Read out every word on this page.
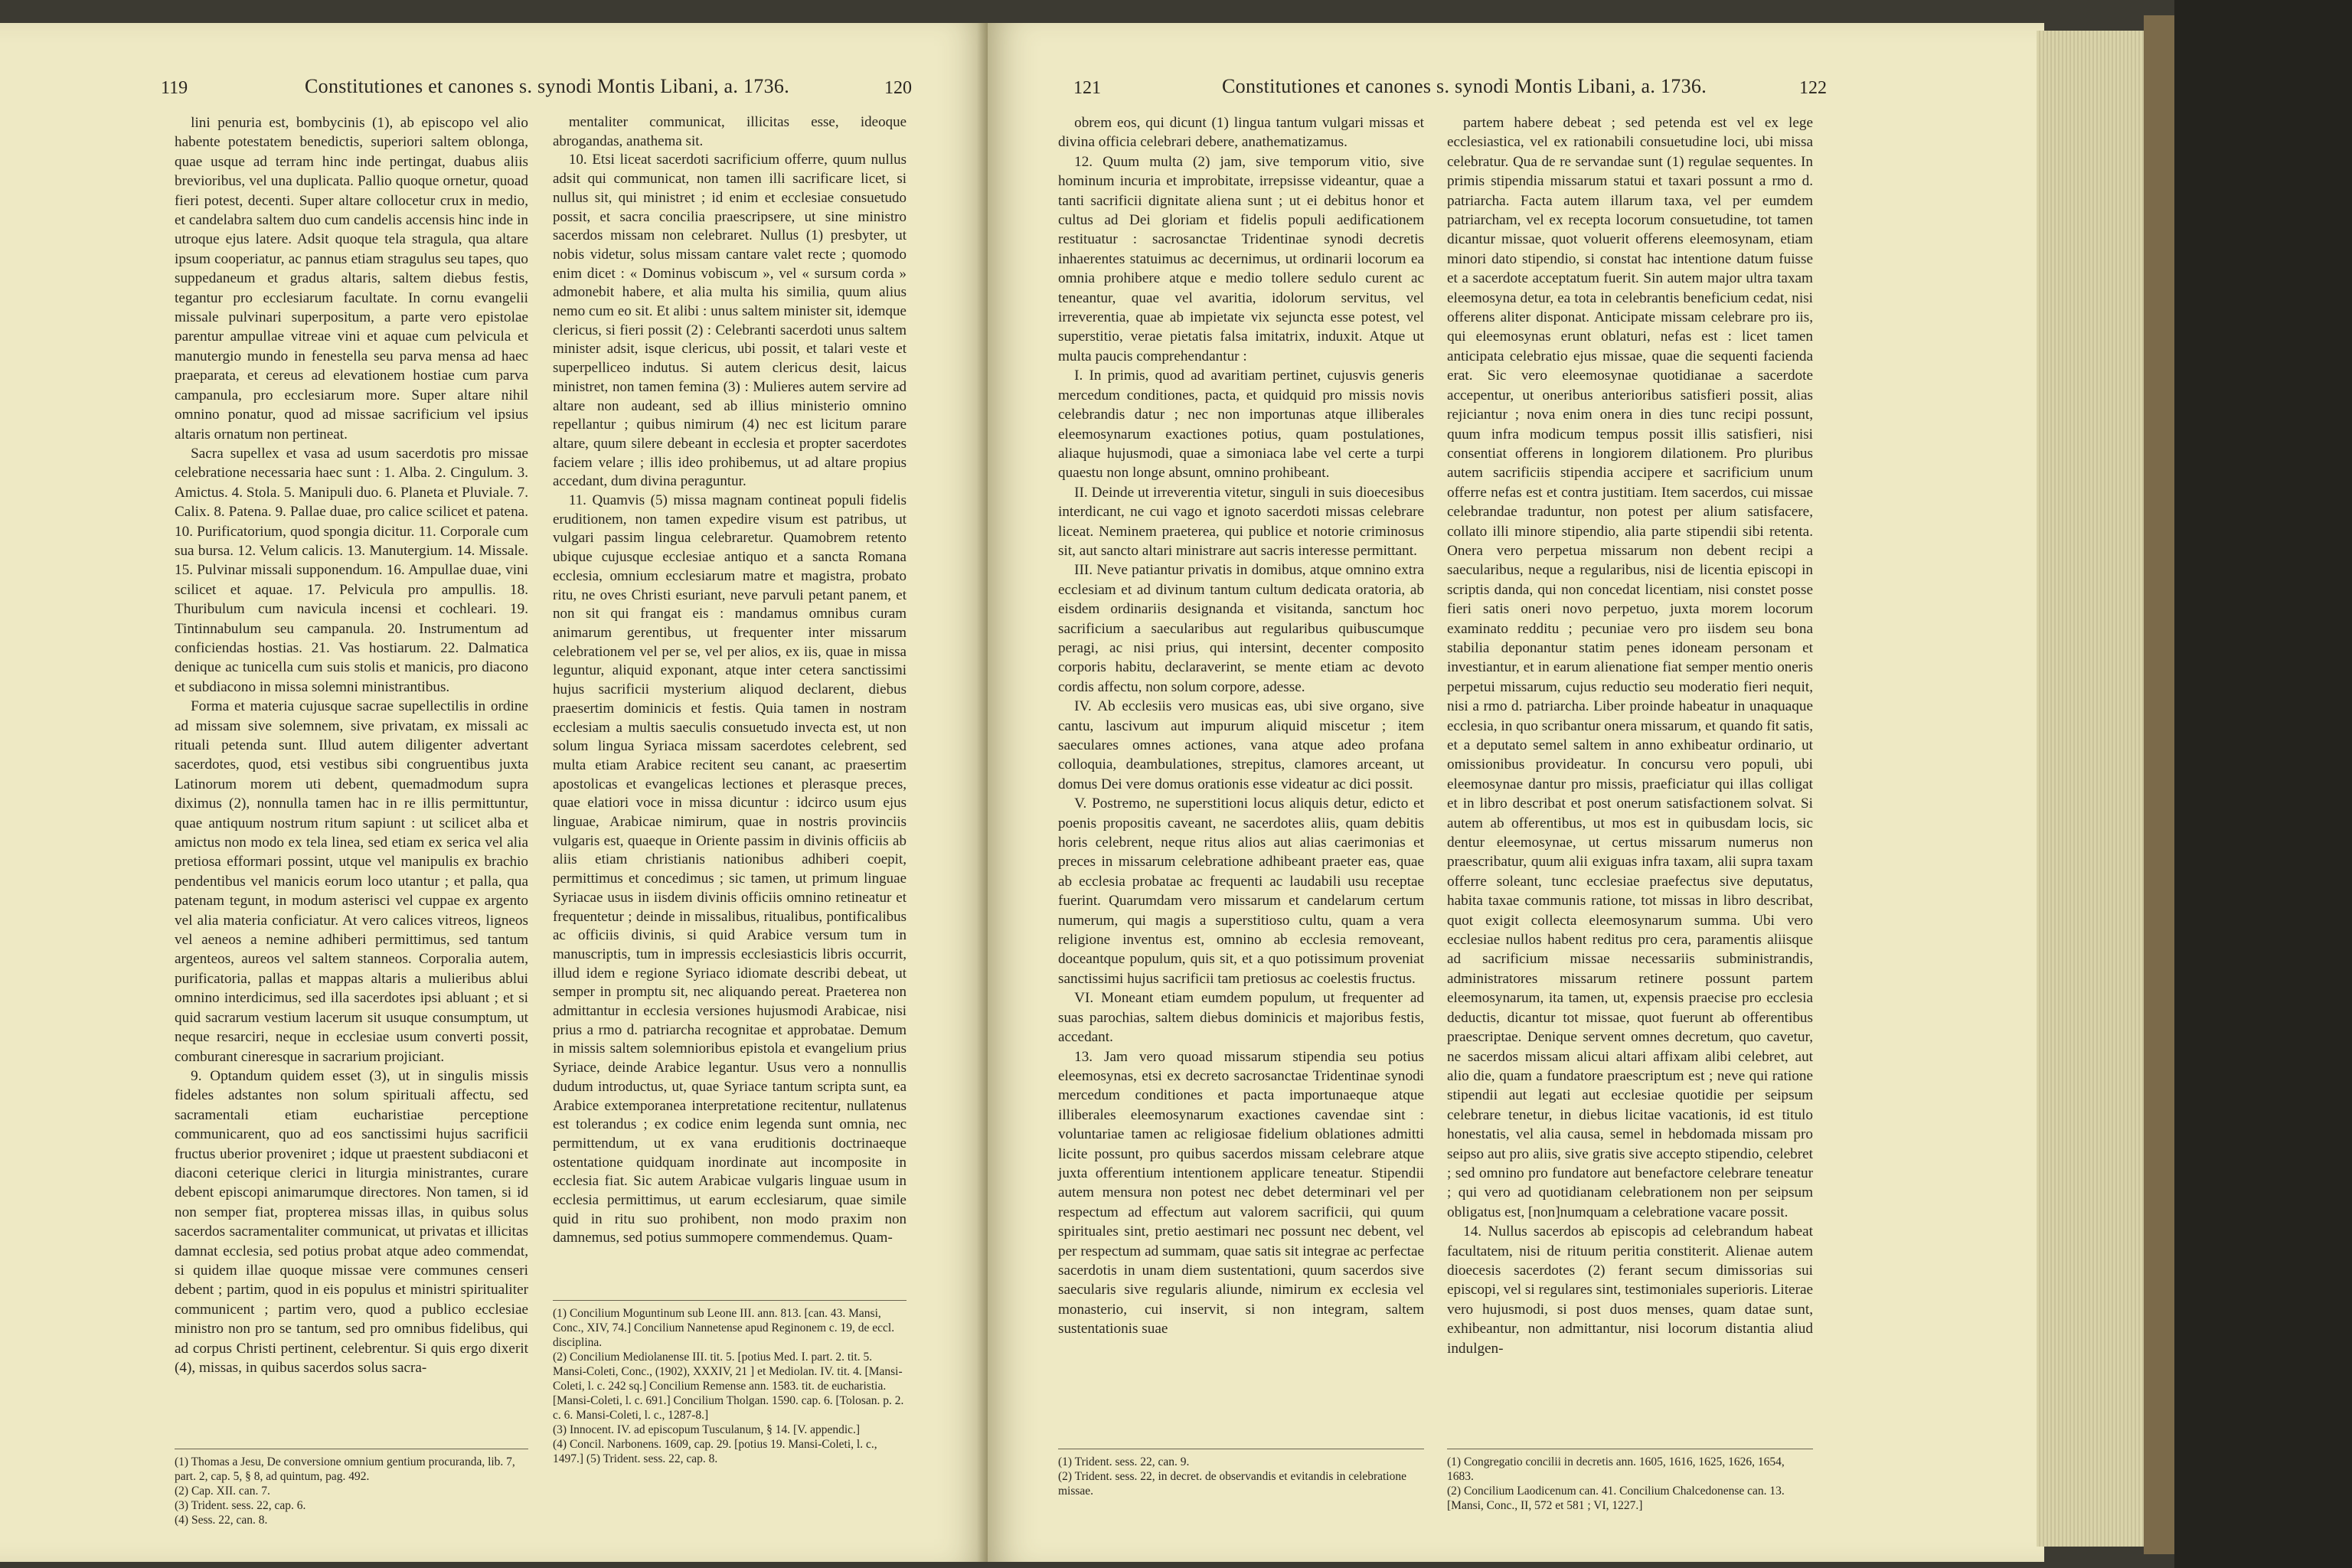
119	Constitutiones et canones s. synodi Montis Libani, a. 1736.	120

lini penuria est, bombycinis (1), ab episcopo vel alio habente potestatem benedictis, superiori saltem oblonga, quae usque ad terram hinc inde pertingat, duabus aliis brevioribus, vel una duplicata. Pallio quoque ornetur, quoad fieri potest, decenti. Super altare collocetur crux in medio, et candelabra saltem duo cum candelis accensis hinc inde in utroque ejus latere. Adsit quoque tela stragula, qua altare ipsum cooperiatur, ac pannus etiam stragulus seu tapes, quo suppedaneum et gradus altaris, saltem diebus festis, tegantur pro ecclesiarum facultate. In cornu evangelii missale pulvinari superpositum, a parte vero epistolae parentur ampullae vitreae vini et aquae cum pelvicula et manutergio mundo in fenestella seu parva mensa ad haec praeparata, et cereus ad elevationem hostiae cum parva campanula, pro ecclesiarum more. Super altare nihil omnino ponatur, quod ad missae sacrificium vel ipsius altaris ornatum non pertineat.

Sacra supellex et vasa ad usum sacerdotis pro missae celebratione necessaria haec sunt : 1. Alba. 2. Cingulum. 3. Amictus. 4. Stola. 5. Manipuli duo. 6. Planeta et Pluviale. 7. Calix. 8. Patena. 9. Pallae duae, pro calice scilicet et patena. 10. Purificatorium, quod spongia dicitur. 11. Corporale cum sua bursa. 12. Velum calicis. 13. Manutergium. 14. Missale. 15. Pulvinar missali supponendum. 16. Ampullae duae, vini scilicet et aquae. 17. Pelvicula pro ampullis. 18. Thuribulum cum navicula incensi et cochleari. 19. Tintinnabulum seu campanula. 20. Instrumentum ad conficiendas hostias. 21. Vas hostiarum. 22. Dalmatica denique ac tunicella cum suis stolis et manicis, pro diacono et subdiacono in missa solemni ministrantibus.

Forma et materia cujusque sacrae supellectilis in ordine ad missam sive solemnem, sive privatam, ex missali ac rituali petenda sunt. Illud autem diligenter advertant sacerdotes, quod, etsi vestibus sibi congruentibus juxta Latinorum morem uti debent, quemadmodum supra diximus (2), nonnulla tamen hac in re illis permittuntur, quae antiquum nostrum ritum sapiunt : ut scilicet alba et amictus non modo ex tela linea, sed etiam ex serica vel alia pretiosa efformari possint, utque vel manipulis ex brachio pendentibus vel manicis eorum loco utantur ; et palla, qua patenam tegunt, in modum asterisci vel cuppae ex argento vel alia materia conficiatur. At vero calices vitreos, ligneos vel aeneos a nemine adhiberi permittimus, sed tantum argenteos, aureos vel saltem stanneos. Corporalia autem, purificatoria, pallas et mappas altaris a mulieribus ablui omnino interdicimus, sed illa sacerdotes ipsi abluant ; et si quid sacrarum vestium lacerum sit usuque consumptum, ut neque resarciri, neque in ecclesiae usum converti possit, comburant cineresque in sacrarium projiciant.

9. Optandum quidem esset (3), ut in singulis missis fideles adstantes non solum spirituali affectu, sed sacramentali etiam eucharistiae perceptione communicarent, quo ad eos sanctissimi hujus sacrificii fructus uberior proveniret ; idque ut praestent subdiaconi et diaconi ceterique clerici in liturgia ministrantes, curare debent episcopi animarumque directores. Non tamen, si id non semper fiat, propterea missas illas, in quibus solus sacerdos sacramentaliter communicat, ut privatas et illicitas damnat ecclesia, sed potius probat atque adeo commendat, si quidem illae quoque missae vere communes censeri debent ; partim, quod in eis populus et ministri spiritualiter communicent ; partim vero, quod a publico ecclesiae ministro non pro se tantum, sed pro omnibus fidelibus, qui ad corpus Christi pertinent, celebrentur. Si quis ergo dixerit (4), missas, in quibus sacerdos solus sacra-

mentaliter communicat, illicitas esse, ideoque abrogandas, anathema sit.

10. Etsi liceat sacerdoti sacrificium offerre, quum nullus adsit qui communicat, non tamen illi sacrificare licet, si nullus sit, qui ministret ; id enim et ecclesiae consuetudo possit, et sacra concilia praescripsere, ut sine ministro sacerdos missam non celebraret. Nullus (1) presbyter, ut nobis videtur, solus missam cantare valet recte ; quomodo enim dicet : « Dominus vobiscum », vel « sursum corda » admonebit habere, et alia multa his similia, quum alius nemo cum eo sit. Et alibi : unus saltem minister sit, idemque clericus, si fieri possit (2) : Celebranti sacerdoti unus saltem minister adsit, isque clericus, ubi possit, et talari veste et superpelliceo indutus. Si autem clericus desit, laicus ministret, non tamen femina (3) : Mulieres autem servire ad altare non audeant, sed ab illius ministerio omnino repellantur ; quibus nimirum (4) nec est licitum parare altare, quum silere debeant in ecclesia et propter sacerdotes faciem velare ; illis ideo prohibemus, ut ad altare propius accedant, dum divina peraguntur.

11. Quamvis (5) missa magnam contineat populi fidelis eruditionem, non tamen expedire visum est patribus, ut vulgari passim lingua celebraretur. Quamobrem retento ubique cujusque ecclesiae antiquo et a sancta Romana ecclesia, omnium ecclesiarum matre et magistra, probato ritu, ne oves Christi esuriant, neve parvuli petant panem, et non sit qui frangat eis : mandamus omnibus curam animarum gerentibus, ut frequenter inter missarum celebrationem vel per se, vel per alios, ex iis, quae in missa leguntur, aliquid exponant, atque inter cetera sanctissimi hujus sacrificii mysterium aliquod declarent, diebus praesertim dominicis et festis. Quia tamen in nostram ecclesiam a multis saeculis consuetudo invecta est, ut non solum lingua Syriaca missam sacerdotes celebrent, sed multa etiam Arabice recitent seu canant, ac praesertim apostolicas et evangelicas lectiones et plerasque preces, quae elatiori voce in missa dicuntur : idcirco usum ejus linguae, Arabicae nimirum, quae in nostris provinciis vulgaris est, quaeque in Oriente passim in divinis officiis ab aliis etiam christianis nationibus adhiberi coepit, permittimus et concedimus ; sic tamen, ut primum linguae Syriacae usus in iisdem divinis officiis omnino retineatur et frequentetur ; deinde in missalibus, ritualibus, pontificalibus ac officiis divinis, si quid Arabice versum tum in manuscriptis, tum in impressis ecclesiasticis libris occurrit, illud idem e regione Syriaco idiomate describi debeat, ut semper in promptu sit, nec aliquando pereat. Praeterea non admittantur in ecclesia versiones hujusmodi Arabicae, nisi prius a rmo d. patriarcha recognitae et approbatae. Demum in missis saltem solemnioribus epistola et evangelium prius Syriace, deinde Arabice legantur. Usus vero a nonnullis dudum introductus, ut, quae Syriace tantum scripta sunt, ea Arabice extemporanea interpretatione recitentur, nullatenus est tolerandus ; ex codice enim legenda sunt omnia, nec permittendum, ut ex vana eruditionis doctrinaeque ostentatione quidquam inordinate aut incomposite in ecclesia fiat. Sic autem Arabicae vulgaris linguae usum in ecclesia permittimus, ut earum ecclesiarum, quae simile quid in ritu suo prohibent, non modo praxim non damnemus, sed potius summopere commendemus. Quam-

(1) Thomas a Jesu, De conversione omnium gentium procuranda, lib. 7, part. 2, cap. 5, § 8, ad quintum, pag. 492.
(2) Cap. XII. can. 7.
(3) Trident. sess. 22, cap. 6.
(4) Sess. 22, can. 8.
(1) Concilium Moguntinum sub Leone III. ann. 813. [can. 43. Mansi, Conc., XIV, 74.] Concilium Nannetense apud Reginonem c. 19, de eccl. disciplina.
(2) Concilium Mediolanense III. tit. 5. [potius Med. I. part. 2. tit. 5. Mansi-Coleti, Conc., (1902), XXXIV, 21 ] et Mediolan. IV. tit. 4. [Mansi-Coleti, l. c. 242 sq.] Concilium Remense ann. 1583. tit. de eucharistia. [Mansi-Coleti, l. c. 691.] Concilium Tholgan. 1590. cap. 6. [Tolosan. p. 2. c. 6. Mansi-Coleti, l. c., 1287-8.]
(3) Innocent. IV. ad episcopum Tusculanum, § 14. [V. appendic.]
(4) Concil. Narbonens. 1609, cap. 29. [potius 19. Mansi-Coleti, l. c., 1497.] (5) Trident. sess. 22, cap. 8.
121	Constitutiones et canones s. synodi Montis Libani, a. 1736.	122

obrem eos, qui dicunt (1) lingua tantum vulgari missas et divina officia celebrari debere, anathematizamus.

12. Quum multa (2) jam, sive temporum vitio, sive hominum incuria et improbitate, irrepsisse videantur, quae a tanti sacrificii dignitate aliena sunt ; ut ei debitus honor et cultus ad Dei gloriam et fidelis populi aedificationem restituatur : sacrosanctae Tridentinae synodi decretis inhaerentes statuimus ac decernimus, ut ordinarii locorum ea omnia prohibere atque e medio tollere sedulo curent ac teneantur, quae vel avaritia, idolorum servitus, vel irreverentia, quae ab impietate vix sejuncta esse potest, vel superstitio, verae pietatis falsa imitatrix, induxit. Atque ut multa paucis comprehendantur :

I. In primis, quod ad avaritiam pertinet, cujusvis generis mercedum conditiones, pacta, et quidquid pro missis novis celebrandis datur ; nec non importunas atque illiberales eleemosynarum exactiones potius, quam postulationes, aliaque hujusmodi, quae a simoniaca labe vel certe a turpi quaestu non longe absunt, omnino prohibeant.

II. Deinde ut irreverentia vitetur, singuli in suis dioecesibus interdicant, ne cui vago et ignoto sacerdoti missas celebrare liceat. Neminem praeterea, qui publice et notorie criminosus sit, aut sancto altari ministrare aut sacris interesse permittant.

III. Neve patiantur privatis in domibus, atque omnino extra ecclesiam et ad divinum tantum cultum dedicata oratoria, ab eisdem ordinariis designanda et visitanda, sanctum hoc sacrificium a saecularibus aut regularibus quibuscumque peragi, ac nisi prius, qui intersint, decenter composito corporis habitu, declaraverint, se mente etiam ac devoto cordis affectu, non solum corpore, adesse.

IV. Ab ecclesiis vero musicas eas, ubi sive organo, sive cantu, lascivum aut impurum aliquid miscetur ; item saeculares omnes actiones, vana atque adeo profana colloquia, deambulationes, strepitus, clamores arceant, ut domus Dei vere domus orationis esse videatur ac dici possit.

V. Postremo, ne superstitioni locus aliquis detur, edicto et poenis propositis caveant, ne sacerdotes aliis, quam debitis horis celebrent, neque ritus alios aut alias caerimonias et preces in missarum celebratione adhibeant praeter eas, quae ab ecclesia probatae ac frequenti ac laudabili usu receptae fuerint. Quarumdam vero missarum et candelarum certum numerum, qui magis a superstitioso cultu, quam a vera religione inventus est, omnino ab ecclesia removeant, doceantque populum, quis sit, et a quo potissimum proveniat sanctissimi hujus sacrificii tam pretiosus ac coelestis fructus.

VI. Moneant etiam eumdem populum, ut frequenter ad suas parochias, saltem diebus dominicis et majoribus festis, accedant.

13. Jam vero quoad missarum stipendia seu potius eleemosynas, etsi ex decreto sacrosanctae Tridentinae synodi mercedum conditiones et pacta importunaeque atque illiberales eleemosynarum exactiones cavendae sint : voluntariae tamen ac religiosae fidelium oblationes admitti licite possunt, pro quibus sacerdos missam celebrare atque juxta offerentium intentionem applicare teneatur. Stipendii autem mensura non potest nec debet determinari vel per respectum ad effectum aut valorem sacrificii, qui quum spirituales sint, pretio aestimari nec possunt nec debent, vel per respectum ad summam, quae satis sit integrae ac perfectae sacerdotis in unam diem sustentationi, quum sacerdos sive saecularis sive regularis aliunde, nimirum ex ecclesia vel monasterio, cui inservit, si non integram, saltem sustentationis suae

partem habere debeat ; sed petenda est vel ex lege ecclesiastica, vel ex rationabili consuetudine loci, ubi missa celebratur. Qua de re servandae sunt (1) regulae sequentes. In primis stipendia missarum statui et taxari possunt a rmo d. patriarcha. Facta autem illarum taxa, vel per eumdem patriarcham, vel ex recepta locorum consuetudine, tot tamen dicantur missae, quot voluerit offerens eleemosynam, etiam minori dato stipendio, si constat hac intentione datum fuisse et a sacerdote acceptatum fuerit. Sin autem major ultra taxam eleemosyna detur, ea tota in celebrantis beneficium cedat, nisi offerens aliter disponat. Anticipate missam celebrare pro iis, qui eleemosynas erunt oblaturi, nefas est : licet tamen anticipata celebratio ejus missae, quae die sequenti facienda erat. Sic vero eleemosynae quotidianae a sacerdote accepentur, ut oneribus anterioribus satisfieri possit, alias rejiciantur ; nova enim onera in dies tunc recipi possunt, quum infra modicum tempus possit illis satisfieri, nisi consentiat offerens in longiorem dilationem. Pro pluribus autem sacrificiis stipendia accipere et sacrificium unum offerre nefas est et contra justitiam. Item sacerdos, cui missae celebrandae traduntur, non potest per alium satisfacere, collato illi minore stipendio, alia parte stipendii sibi retenta. Onera vero perpetua missarum non debent recipi a saecularibus, neque a regularibus, nisi de licentia episcopi in scriptis danda, qui non concedat licentiam, nisi constet posse fieri satis oneri novo perpetuo, juxta morem locorum examinato redditu ; pecuniae vero pro iisdem seu bona stabilia deponantur statim penes idoneam personam et investiantur, et in earum alienatione fiat semper mentio oneris perpetui missarum, cujus reductio seu moderatio fieri nequit, nisi a rmo d. patriarcha. Liber proinde habeatur in unaquaque ecclesia, in quo scribantur onera missarum, et quando fit satis, et a deputato semel saltem in anno exhibeatur ordinario, ut omissionibus provideatur. In concursu vero populi, ubi eleemosynae dantur pro missis, praeficiatur qui illas colligat et in libro describat et post onerum satisfactionem solvat. Si autem ab offerentibus, ut mos est in quibusdam locis, sic dentur eleemosynae, ut certus missarum numerus non praescribatur, quum alii exiguas infra taxam, alii supra taxam offerre soleant, tunc ecclesiae praefectus sive deputatus, habita taxae communis ratione, tot missas in libro describat, quot exigit collecta eleemosynarum summa. Ubi vero ecclesiae nullos habent reditus pro cera, paramentis aliisque ad sacrificium missae necessariis subministrandis, administratores missarum retinere possunt partem eleemosynarum, ita tamen, ut, expensis praecise pro ecclesia deductis, dicantur tot missae, quot fuerunt ab offerentibus praescriptae. Denique servent omnes decretum, quo cavetur, ne sacerdos missam alicui altari affixam alibi celebret, aut alio die, quam a fundatore praescriptum est ; neve qui ratione stipendii aut legati aut ecclesiae quotidie per seipsum celebrare tenetur, in diebus licitae vacationis, id est titulo honestatis, vel alia causa, semel in hebdomada missam pro seipso aut pro aliis, sive gratis sive accepto stipendio, celebret ; sed omnino pro fundatore aut benefactore celebrare teneatur ; qui vero ad quotidianam celebrationem non per seipsum obligatus est, [non]numquam a celebratione vacare possit.

14. Nullus sacerdos ab episcopis ad celebrandum habeat facultatem, nisi de rituum peritia constiterit. Alienae autem dioecesis sacerdotes (2) ferant secum dimissorias sui episcopi, vel si regulares sint, testimoniales superioris. Literae vero hujusmodi, si post duos menses, quam datae sunt, exhibeantur, non admittantur, nisi locorum distantia aliud indulgen-

(1) Trident. sess. 22, can. 9.
(2) Trident. sess. 22, in decret. de observandis et evitandis in celebratione missae.
(1) Congregatio concilii in decretis ann. 1605, 1616, 1625, 1626, 1654, 1683.
(2) Concilium Laodicenum can. 41. Concilium Chalcedonense can. 13. [Mansi, Conc., II, 572 et 581 ; VI, 1227.]
